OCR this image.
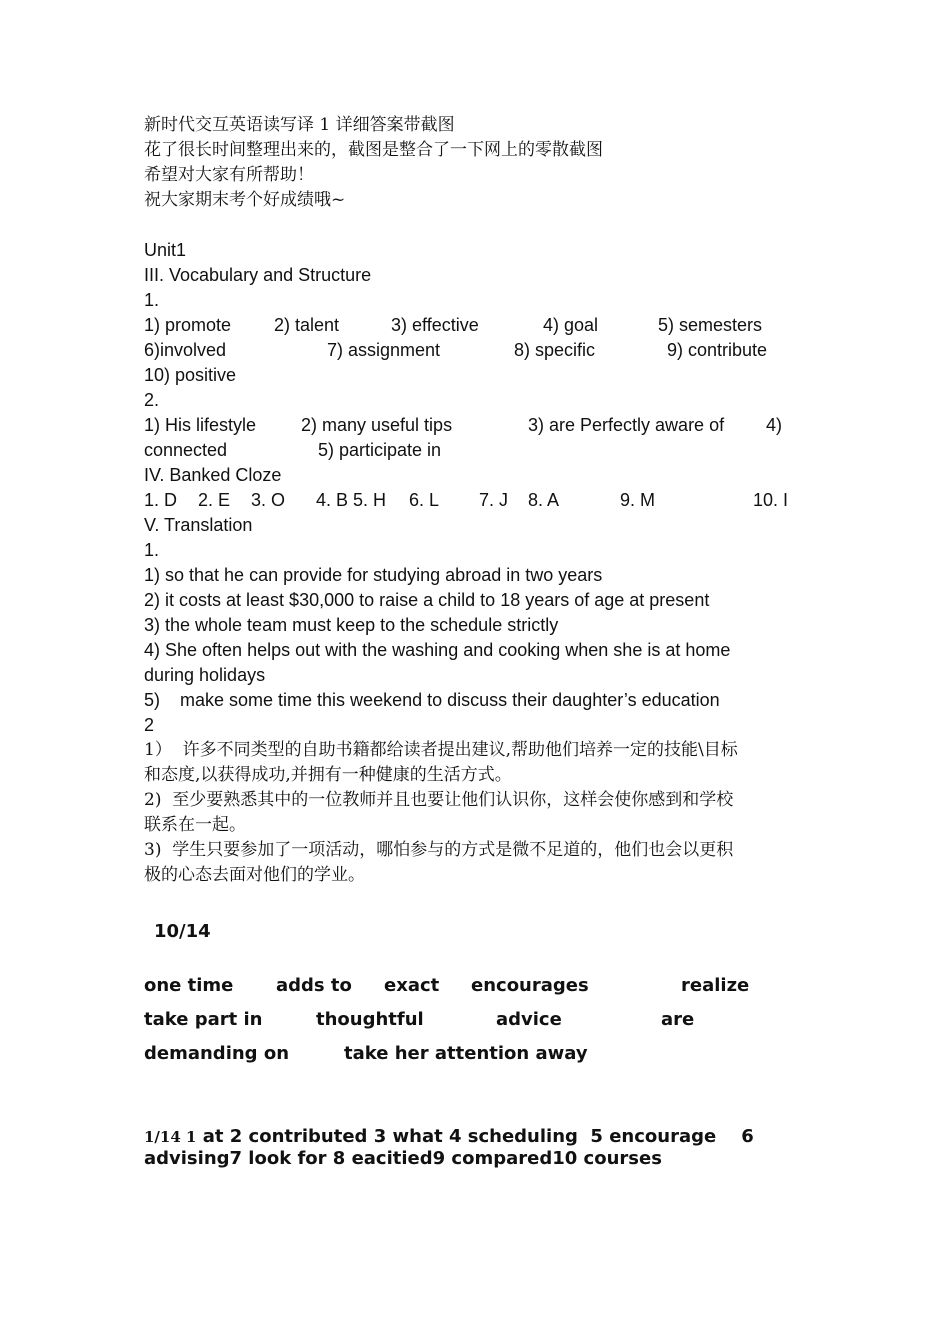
新时代交互英语读写译 1 详细答案带截图
花了很长时间整理出来的，截图是整合了一下网上的零散截图
希望对大家有所帮助！
祝大家期末考个好成绩哦~
Unit1
III. Vocabulary and Structure
1.
1) promote 2) talent	3) effective	4) goal	5) semesters
6)involved	7) assignment	8) specific	9) contribute
10) positive
2.
1) His lifestyle 2) many useful tips	3) are Perfectly aware of 4)
connected	5) participate in
IV. Banked Cloze
1. D 2. E 3. O 4. B 5. H 6. L 7. J 8. A	9. M	10. I
V. Translation
1.
1) so that he can provide for studying abroad in two years
2) it costs at least $30,000 to raise a child to 18 years of age at present
3) the whole team must keep to the schedule strictly
4) She often helps out with the washing and cooking when she is at home
during holidays
5)    make some time this weekend to discuss their daughter’s education
2
1）  许多不同类型的自助书籍都给读者提出建议,帮助他们培养一定的技能\目标
和态度,以获得成功,并拥有一种健康的生活方式。
2)  至少要熟悉其中的一位教师并且也要让他们认识你，这样会使你感到和学校
联系在一起。
3)  学生只要参加了一项活动，哪怕参与的方式是微不足道的，他们也会以更积
极的心态去面对他们的学业。
10/14
one time adds to exact encourages	realize
take part in	thoughtful	advice	are
demanding on	take her attention away
1/14 1 at 2 contributed 3 what 4 scheduling  5 encourage    6
advising7 look for 8 eacitied9 compared10 courses
